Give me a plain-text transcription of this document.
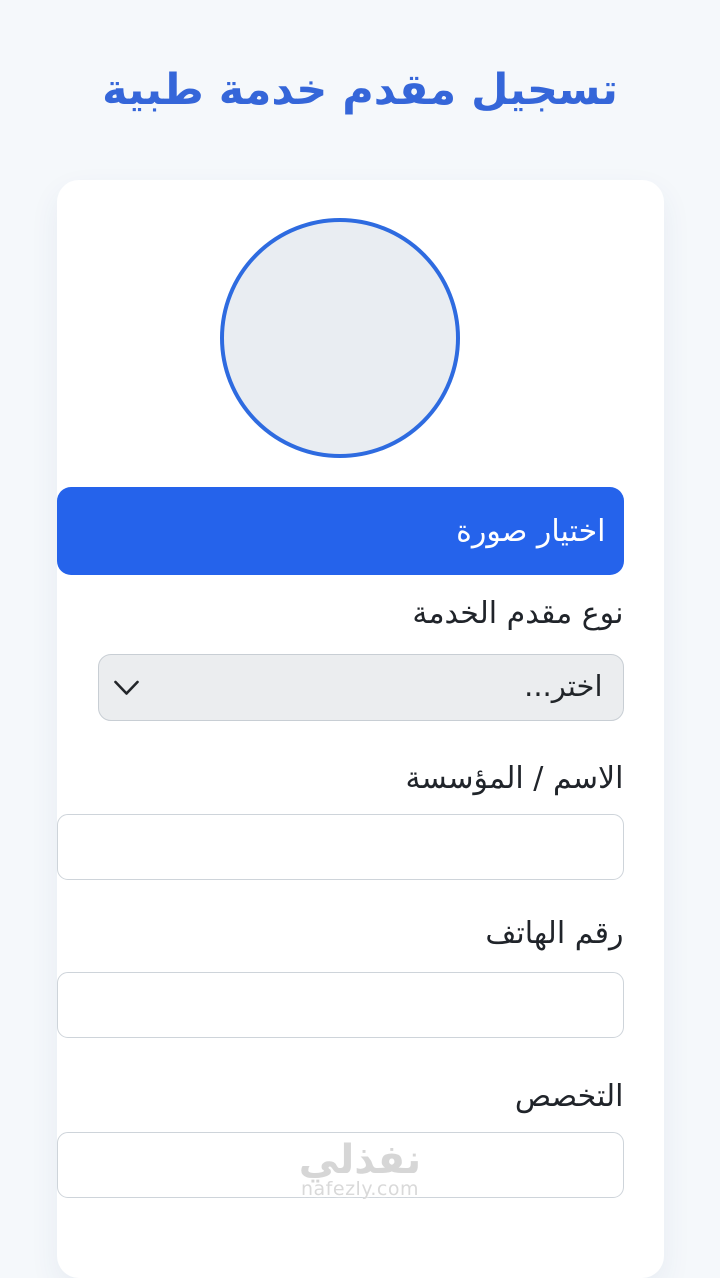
تسجيل مقدم خدمة طبية
اختيار صورة
نوع مقدم الخدمة
اختر...
الاسم / المؤسسة
رقم الهاتف
التخصص
نفذلي
nafezly.com
